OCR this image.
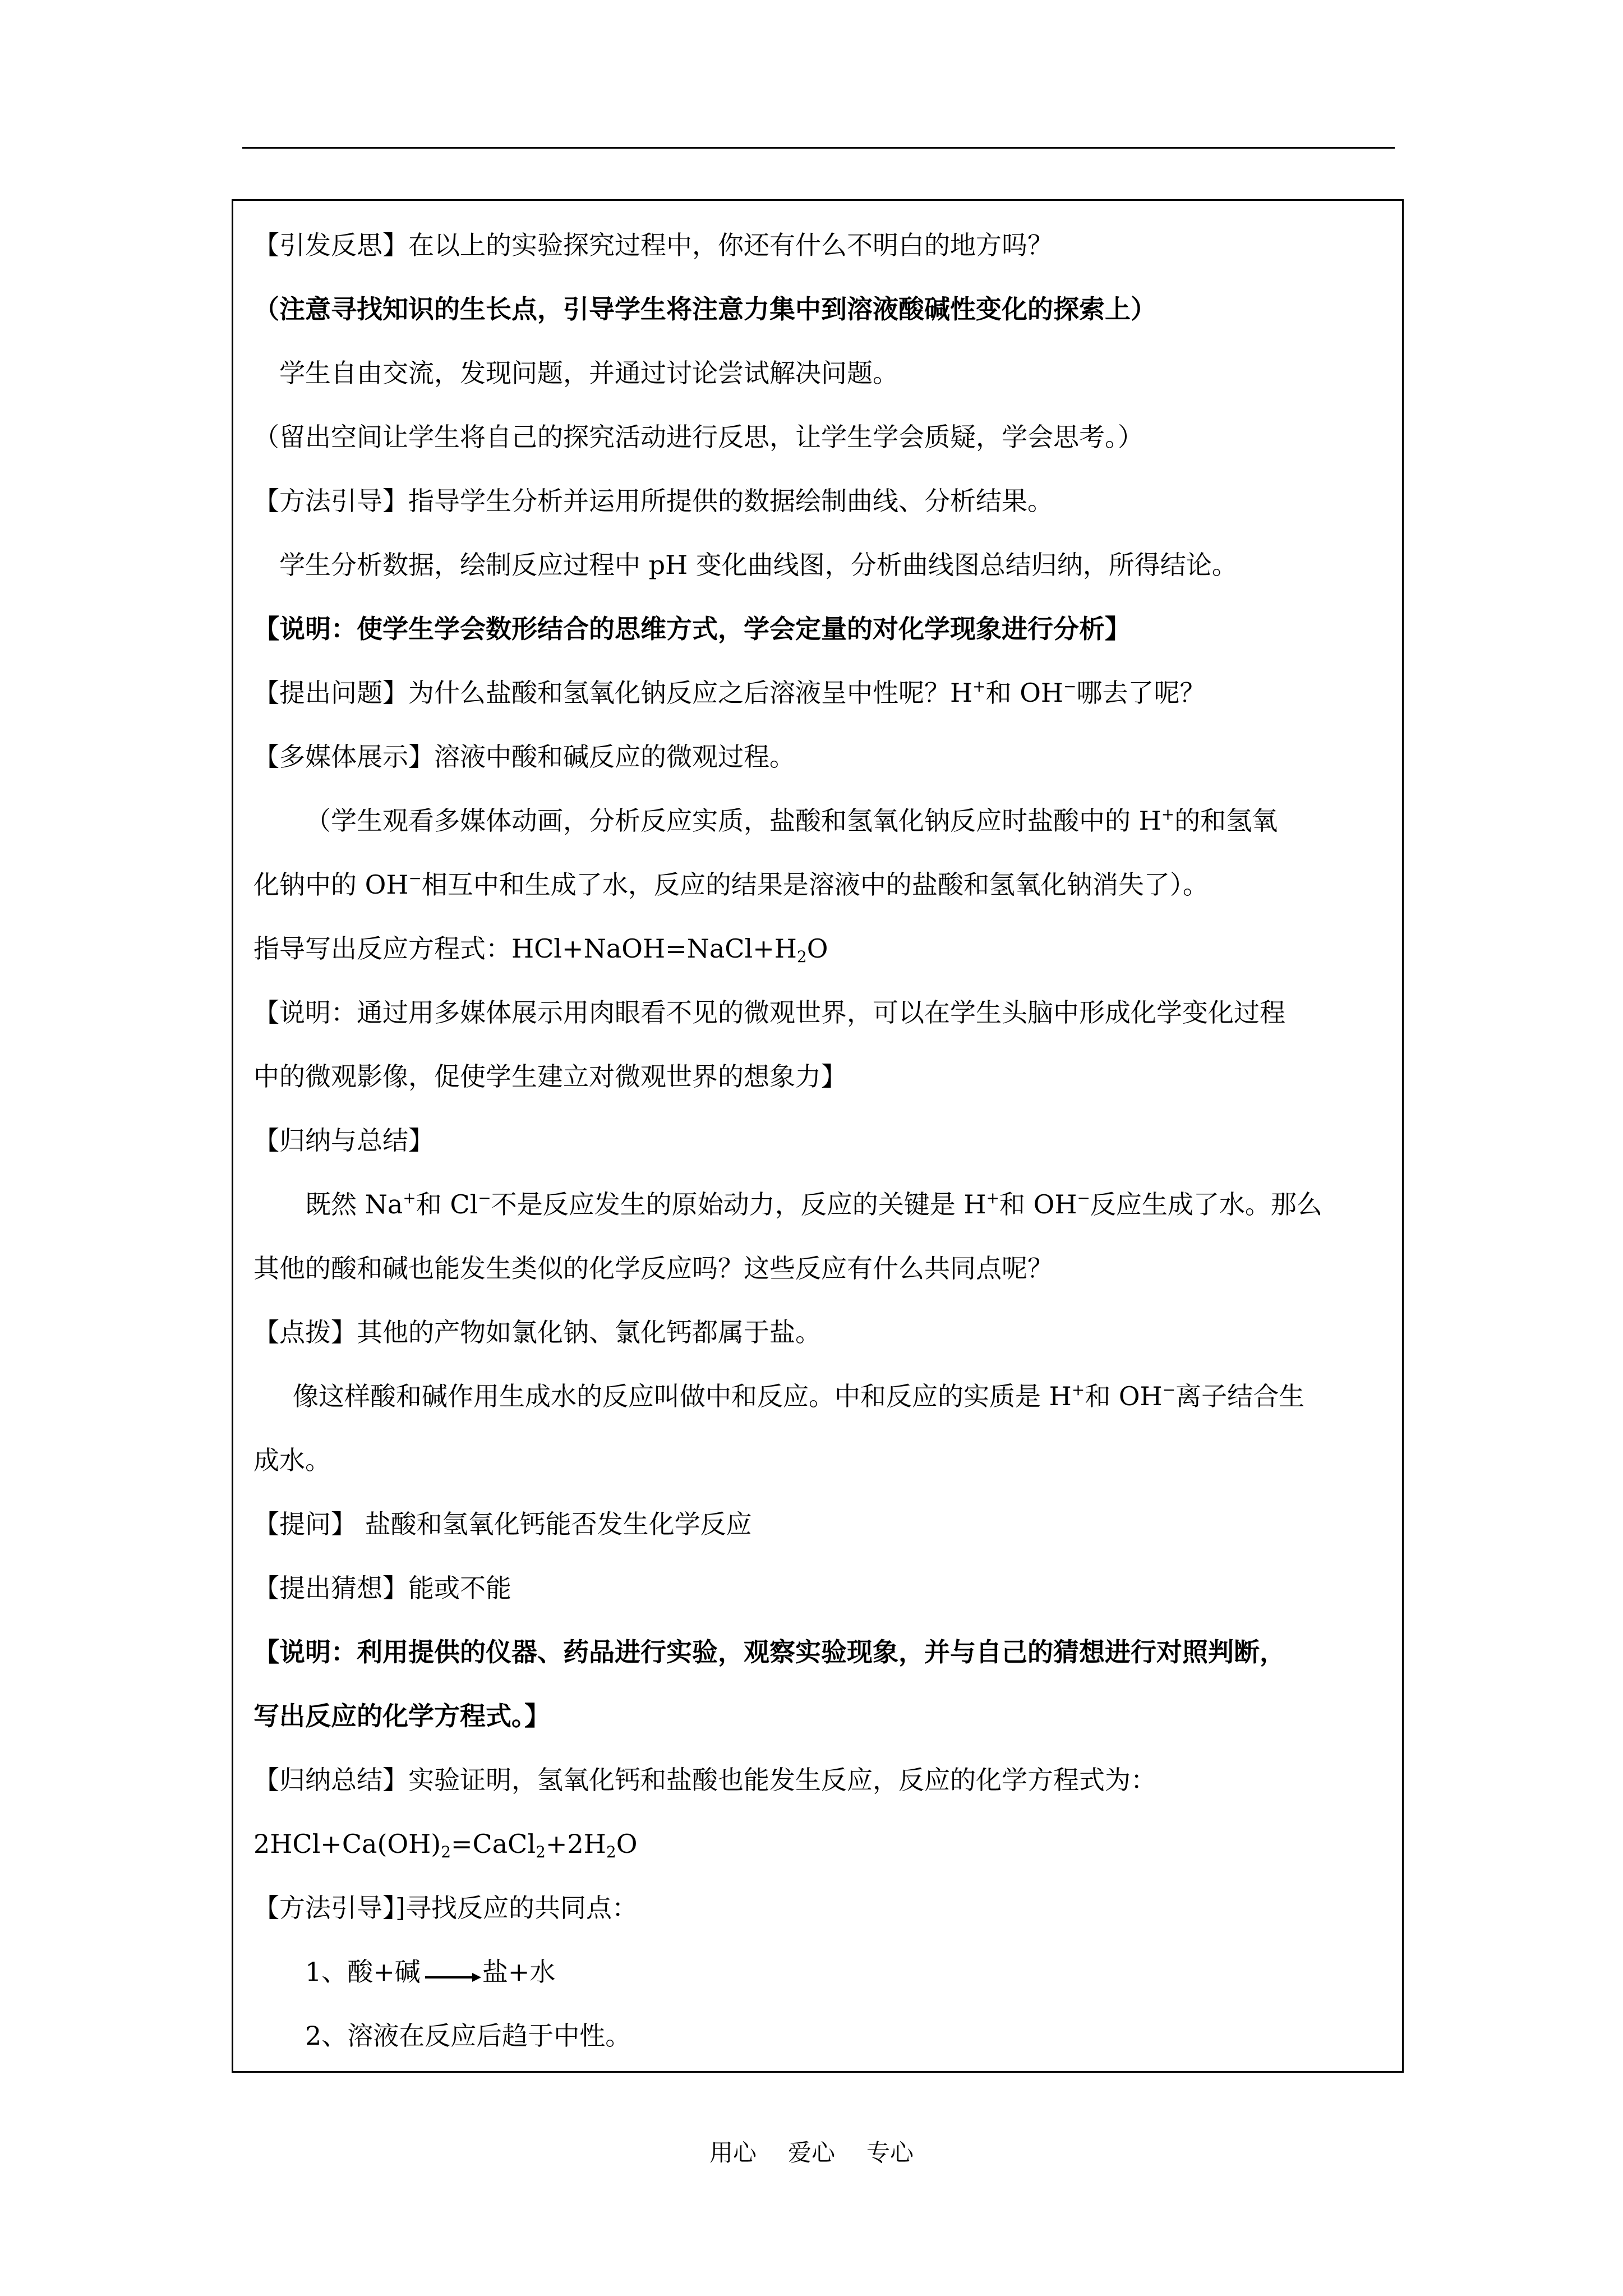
【引发反思】在以上的实验探究过程中，你还有什么不明白的地方吗？
（注意寻找知识的生长点，引导学生将注意力集中到溶液酸碱性变化的探索上）
学生自由交流，发现问题，并通过讨论尝试解决问题。
（留出空间让学生将自己的探究活动进行反思，让学生学会质疑，学会思考。）
【方法引导】指导学生分析并运用所提供的数据绘制曲线、分析结果。
学生分析数据，绘制反应过程中 pH 变化曲线图，分析曲线图总结归纳，所得结论。
【说明：使学生学会数形结合的思维方式，学会定量的对化学现象进行分析】
【提出问题】为什么盐酸和氢氧化钠反应之后溶液呈中性呢？H+和 OH−哪去了呢？
【多媒体展示】溶液中酸和碱反应的微观过程。
（学生观看多媒体动画，分析反应实质，盐酸和氢氧化钠反应时盐酸中的 H+的和氢氧
化钠中的 OH−相互中和生成了水，反应的结果是溶液中的盐酸和氢氧化钠消失了）。
指导写出反应方程式：$HCl+NaOH=NaCl+H_2O$
【说明：通过用多媒体展示用肉眼看不见的微观世界，可以在学生头脑中形成化学变化过程
中的微观影像，促使学生建立对微观世界的想象力】
【归纳与总结】
既然 Na+和 Cl−不是反应发生的原始动力，反应的关键是 H+和 OH−反应生成了水。那么
其他的酸和碱也能发生类似的化学反应吗？这些反应有什么共同点呢？
【点拨】其他的产物如氯化钠、氯化钙都属于盐。
像这样酸和碱作用生成水的反应叫做中和反应。中和反应的实质是 H+和 OH−离子结合生
成水。
【提问】 盐酸和氢氧化钙能否发生化学反应
【提出猜想】能或不能
【说明：利用提供的仪器、药品进行实验，观察实验现象，并与自己的猜想进行对照判断，
写出反应的化学方程式。】
【归纳总结】实验证明，氢氧化钙和盐酸也能发生反应，反应的化学方程式为：
$2HCl+Ca(OH)_2=CaCl_2+2H_2O$
【方法引导】]寻找反应的共同点：
1、酸+碱→盐+水
2、溶液在反应后趋于中性。
用心 爱心 专心
